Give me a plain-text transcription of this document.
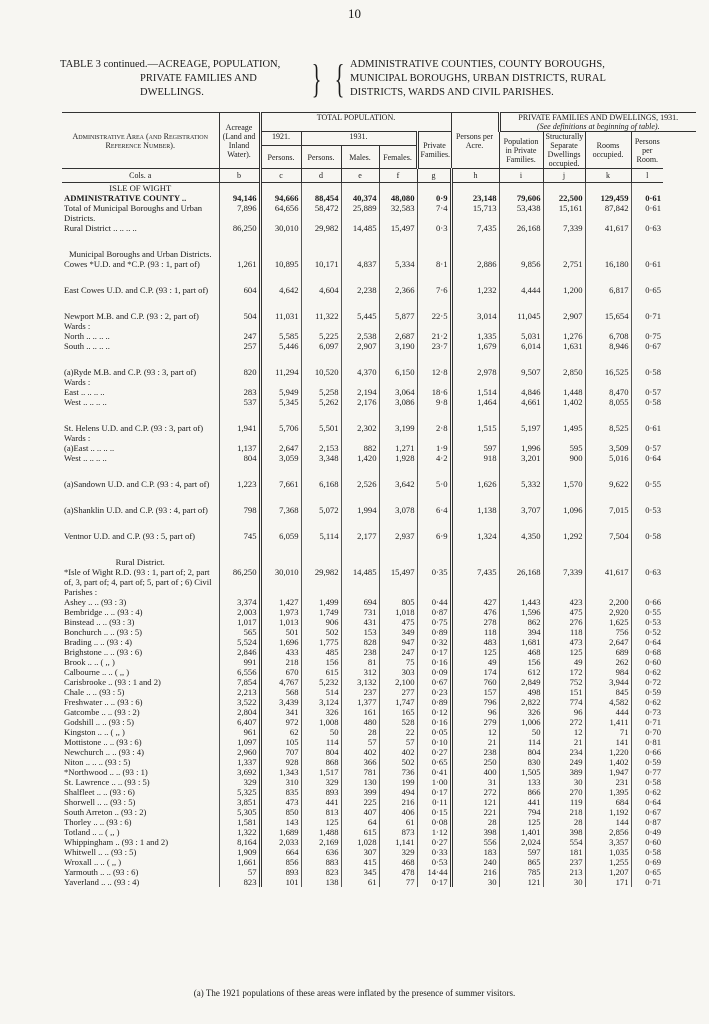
10
TABLE 3 continued.—ACREAGE, POPULATION,
PRIVATE FAMILIES AND
DWELLINGS.	} { ADMINISTRATIVE COUNTIES, COUNTY BOROUGHS,
MUNICIPAL BOROUGHS, URBAN DISTRICTS, RURAL
DISTRICTS, WARDS AND CIVIL PARISHES.
Administrative Area (and Registration Reference Number).	Acreage (Land and Inland Water).	TOTAL POPULATION.					Persons per Acre.	PRIVATE FAMILIES AND DWELLINGS, 1931.
(See definitions at beginning of table).			
		1921.	1931.			Private Families.		Population in Private Families.	Structurally Separate Dwellings occupied.	Rooms occupied.	Persons per Room.
		Persons.	Persons.	Males.	Females.						
Cols. a	b	c	d	e	f	g	h	i	j	k	l
ISLE OF WIGHT											
ADMINISTRATIVE COUNTY ..	94,146	94,666	88,454	40,374	48,080	0·9	23,148	79,606	22,500	129,459	0·61
Total of Municipal Boroughs and Urban Districts.	7,896	64,656	58,472	25,889	32,583	7·4	15,713	53,438	15,161	87,842	0·61
Rural District .. .. .. ..	86,250	30,010	29,982	14,485	15,497	0·3	7,435	26,168	7,339	41,617	0·63

Municipal Boroughs and Urban Districts.											
Cowes *U.D. and *C.P. (93 : 1, part of)	1,261	10,895	10,171	4,837	5,334	8·1	2,886	9,856	2,751	16,180	0·61

East Cowes U.D. and C.P. (93 : 1, part of)	604	4,642	4,604	2,238	2,366	7·6	1,232	4,444	1,200	6,817	0·65

Newport M.B. and C.P. (93 : 2, part of) Wards :	504	11,031	11,322	5,445	5,877	22·5	3,014	11,045	2,907	15,654	0·71
North .. .. .. ..	247	5,585	5,225	2,538	2,687	21·2	1,335	5,031	1,276	6,708	0·75
South .. .. .. ..	257	5,446	6,097	2,907	3,190	23·7	1,679	6,014	1,631	8,946	0·67

(a)Ryde M.B. and C.P. (93 : 3, part of) Wards :	820	11,294	10,520	4,370	6,150	12·8	2,978	9,507	2,850	16,525	0·58
East .. .. .. ..	283	5,949	5,258	2,194	3,064	18·6	1,514	4,846	1,448	8,470	0·57
West .. .. .. ..	537	5,345	5,262	2,176	3,086	9·8	1,464	4,661	1,402	8,055	0·58

St. Helens U.D. and C.P. (93 : 3, part of) Wards :	1,941	5,706	5,501	2,302	3,199	2·8	1,515	5,197	1,495	8,525	0·61
(a)East .. .. .. ..	1,137	2,647	2,153	882	1,271	1·9	597	1,996	595	3,509	0·57
West .. .. .. ..	804	3,059	3,348	1,420	1,928	4·2	918	3,201	900	5,016	0·64

(a)Sandown U.D. and C.P. (93 : 4, part of)	1,223	7,661	6,168	2,526	3,642	5·0	1,626	5,332	1,570	9,622	0·55

(a)Shanklin U.D. and C.P. (93 : 4, part of)	798	7,368	5,072	1,994	3,078	6·4	1,138	3,707	1,096	7,015	0·53

Ventnor U.D. and C.P. (93 : 5, part of)	745	6,059	5,114	2,177	2,937	6·9	1,324	4,350	1,292	7,504	0·58

Rural District.											
*Isle of Wight R.D. (93 : 1, part of; 2, part of, 3, part of; 4, part of; 5, part of ; 6) Civil Parishes :	86,250	30,010	29,982	14,485	15,497	0·35	7,435	26,168	7,339	41,617	0·63
Ashey .. .. (93 : 3)	3,374	1,427	1,499	694	805	0·44	427	1,443	423	2,200	0·66
Bembridge .. .. (93 : 4)	2,003	1,973	1,749	731	1,018	0·87	476	1,596	475	2,920	0·55
Binstead .. .. (93 : 3)	1,017	1,013	906	431	475	0·75	278	862	276	1,625	0·53
Bonchurch .. .. (93 : 5)	565	501	502	153	349	0·89	118	394	118	756	0·52
Brading .. .. (93 : 4)	5,524	1,696	1,775	828	947	0·32	483	1,681	473	2,647	0·64
Brighstone .. .. (93 : 6)	2,846	433	485	238	247	0·17	125	468	125	689	0·68
Brook .. .. ( ,, )	991	218	156	81	75	0·16	49	156	49	262	0·60
Calbourne .. .. ( ,, )	6,556	670	615	312	303	0·09	174	612	172	984	0·62
Carisbrooke .. (93 : 1 and 2)	7,854	4,767	5,232	3,132	2,100	0·67	760	2,849	752	3,944	0·72
Chale .. .. (93 : 5)	2,213	568	514	237	277	0·23	157	498	151	845	0·59
Freshwater .. .. (93 : 6)	3,522	3,439	3,124	1,377	1,747	0·89	796	2,822	774	4,582	0·62
Gatcombe .. .. (93 : 2)	2,804	341	326	161	165	0·12	96	326	96	444	0·73
Godshill .. .. (93 : 5)	6,407	972	1,008	480	528	0·16	279	1,006	272	1,411	0·71
Kingston .. .. ( ,, )	961	62	50	28	22	0·05	12	50	12	71	0·70
Mottistone .. .. (93 : 6)	1,097	105	114	57	57	0·10	21	114	21	141	0·81
Newchurch .. .. (93 : 4)	2,960	707	804	402	402	0·27	238	804	234	1,220	0·66
Niton .. .. .. (93 : 5)	1,337	928	868	366	502	0·65	250	830	249	1,402	0·59
*Northwood .. .. (93 : 1)	3,692	1,343	1,517	781	736	0·41	400	1,505	389	1,947	0·77
St. Lawrence .. .. (93 : 5)	329	310	329	130	199	1·00	31	133	30	231	0·58
Shalfleet .. .. (93 : 6)	5,325	835	893	399	494	0·17	272	866	270	1,395	0·62
Shorwell .. .. (93 : 5)	3,851	473	441	225	216	0·11	121	441	119	684	0·64
South Arreton .. (93 : 2)	5,305	850	813	407	406	0·15	221	794	218	1,192	0·67
Thorley .. .. (93 : 6)	1,581	143	125	64	61	0·08	28	125	28	144	0·87
Totland .. .. ( ,, )	1,322	1,689	1,488	615	873	1·12	398	1,401	398	2,856	0·49
Whippingham .. (93 : 1 and 2)	8,164	2,033	2,169	1,028	1,141	0·27	556	2,024	554	3,357	0·60
Whitwell .. .. (93 : 5)	1,909	664	636	307	329	0·33	183	597	181	1,035	0·58
Wroxall .. .. ( ,, )	1,661	856	883	415	468	0·53	240	865	237	1,255	0·69
Yarmouth .. .. (93 : 6)	57	893	823	345	478	14·44	216	785	213	1,207	0·65
Yaverland .. .. (93 : 4)	823	101	138	61	77	0·17	30	121	30	171	0·71
(a) The 1921 populations of these areas were inflated by the presence of summer visitors.
